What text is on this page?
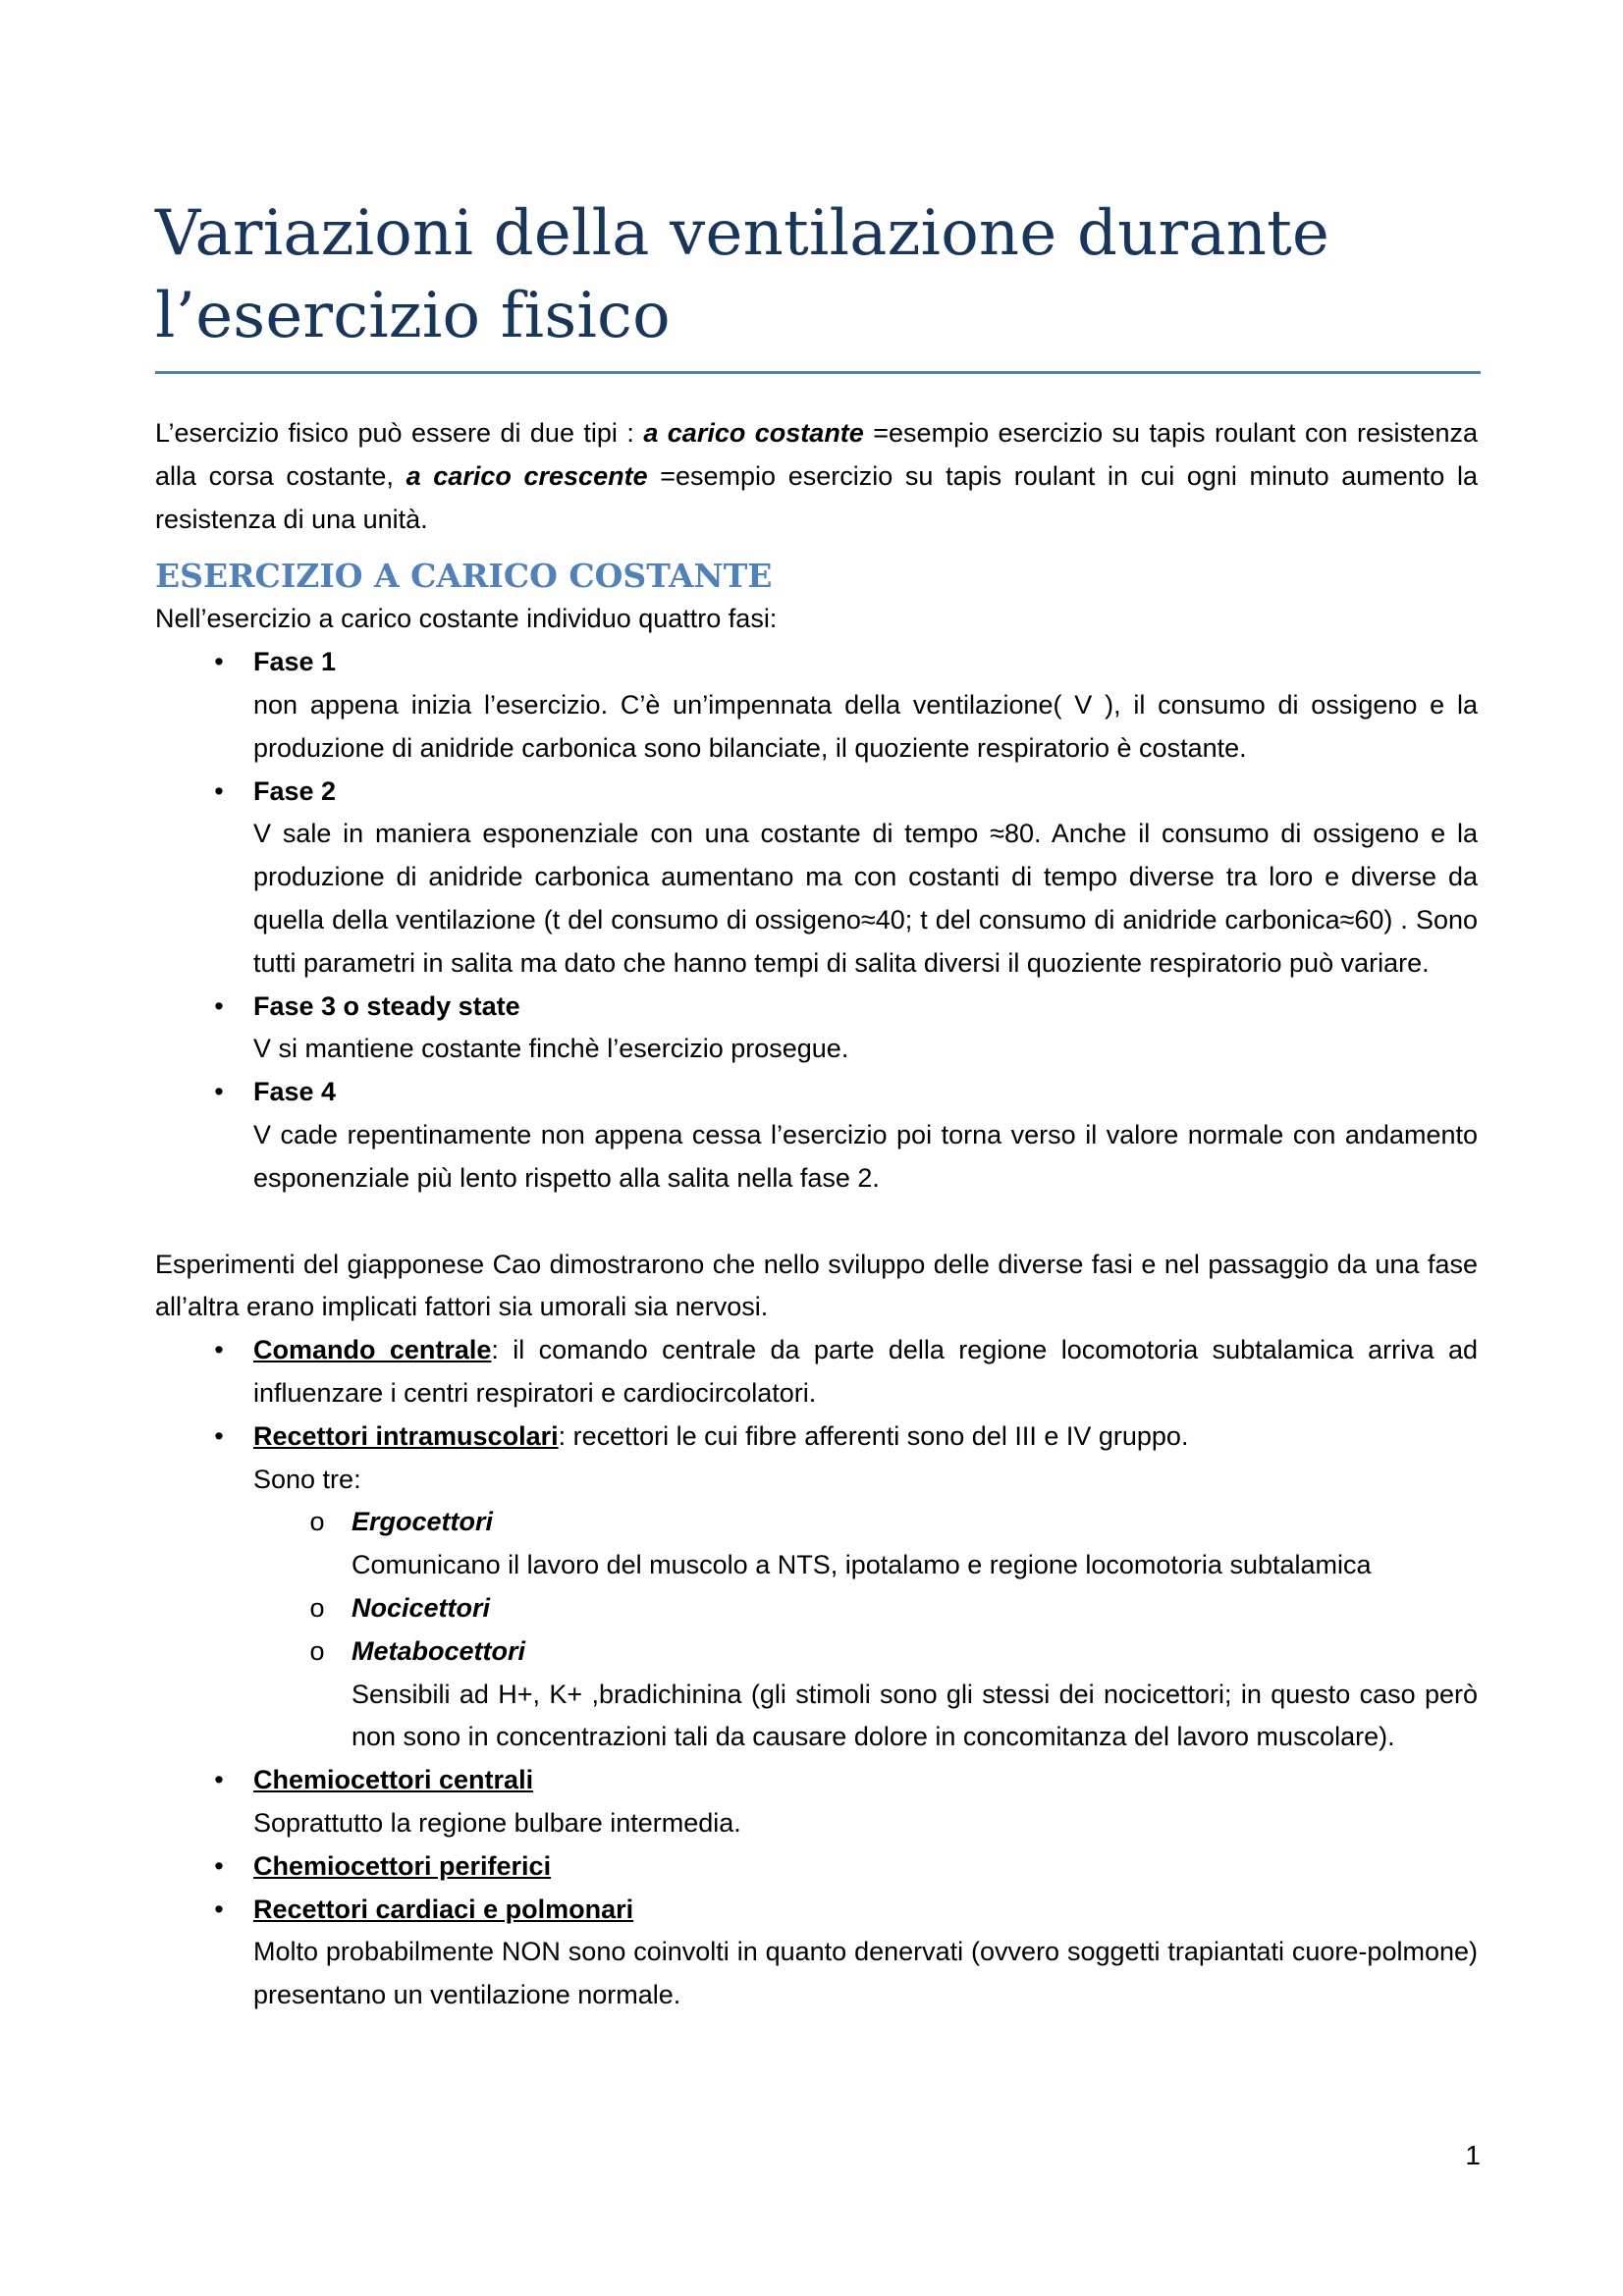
Variazioni della ventilazione durante
l’esercizio fisico

L’esercizio fisico può essere di due tipi : a carico costante =esempio esercizio su tapis roulant con resistenza alla corsa costante, a carico crescente =esempio esercizio su tapis roulant in cui ogni minuto aumento la resistenza di una unità.

ESERCIZIO A CARICO COSTANTE

Nell’esercizio a carico costante individuo quattro fasi:

•	Fase 1

non appena inizia l’esercizio. C’è un’impennata della ventilazione( V ), il consumo di ossigeno e la produzione di anidride carbonica sono bilanciate, il quoziente respiratorio è costante.

•	Fase 2

V sale in maniera esponenziale con una costante di tempo ≈80. Anche il consumo di ossigeno e la produzione di anidride carbonica aumentano ma con costanti di tempo diverse tra loro e diverse da quella della ventilazione (t del consumo di ossigeno≈40; t del consumo di anidride carbonica≈60) . Sono tutti parametri in salita ma dato che hanno tempi di salita diversi il quoziente respiratorio può variare.

•	Fase 3 o steady state

V si mantiene costante finchè l’esercizio prosegue.

•	Fase 4

V cade repentinamente non appena cessa l’esercizio poi torna verso il valore normale con andamento esponenziale più lento rispetto alla salita nella fase 2.

Esperimenti del giapponese Cao dimostrarono che nello sviluppo delle diverse fasi e nel passaggio da una fase all’altra erano implicati fattori sia umorali sia nervosi.

•	Comando centrale: il comando centrale da parte della regione locomotoria subtalamica arriva ad influenzare i centri respiratori e cardiocircolatori.

•	Recettori intramuscolari: recettori le cui fibre afferenti sono del III e IV gruppo.

Sono tre:

o Ergocettori

Comunicano il lavoro del muscolo a NTS, ipotalamo e regione locomotoria subtalamica

o Nocicettori

o Metabocettori

Sensibili ad H+, K+ ,bradichinina (gli stimoli sono gli stessi dei nocicettori; in questo caso però non sono in concentrazioni tali da causare dolore in concomitanza del lavoro muscolare).

•	Chemiocettori centrali

Soprattutto la regione bulbare intermedia.

•	Chemiocettori periferici

•	Recettori cardiaci e polmonari

Molto probabilmente NON sono coinvolti in quanto denervati (ovvero soggetti trapiantati cuore-polmone) presentano un ventilazione normale.

1
